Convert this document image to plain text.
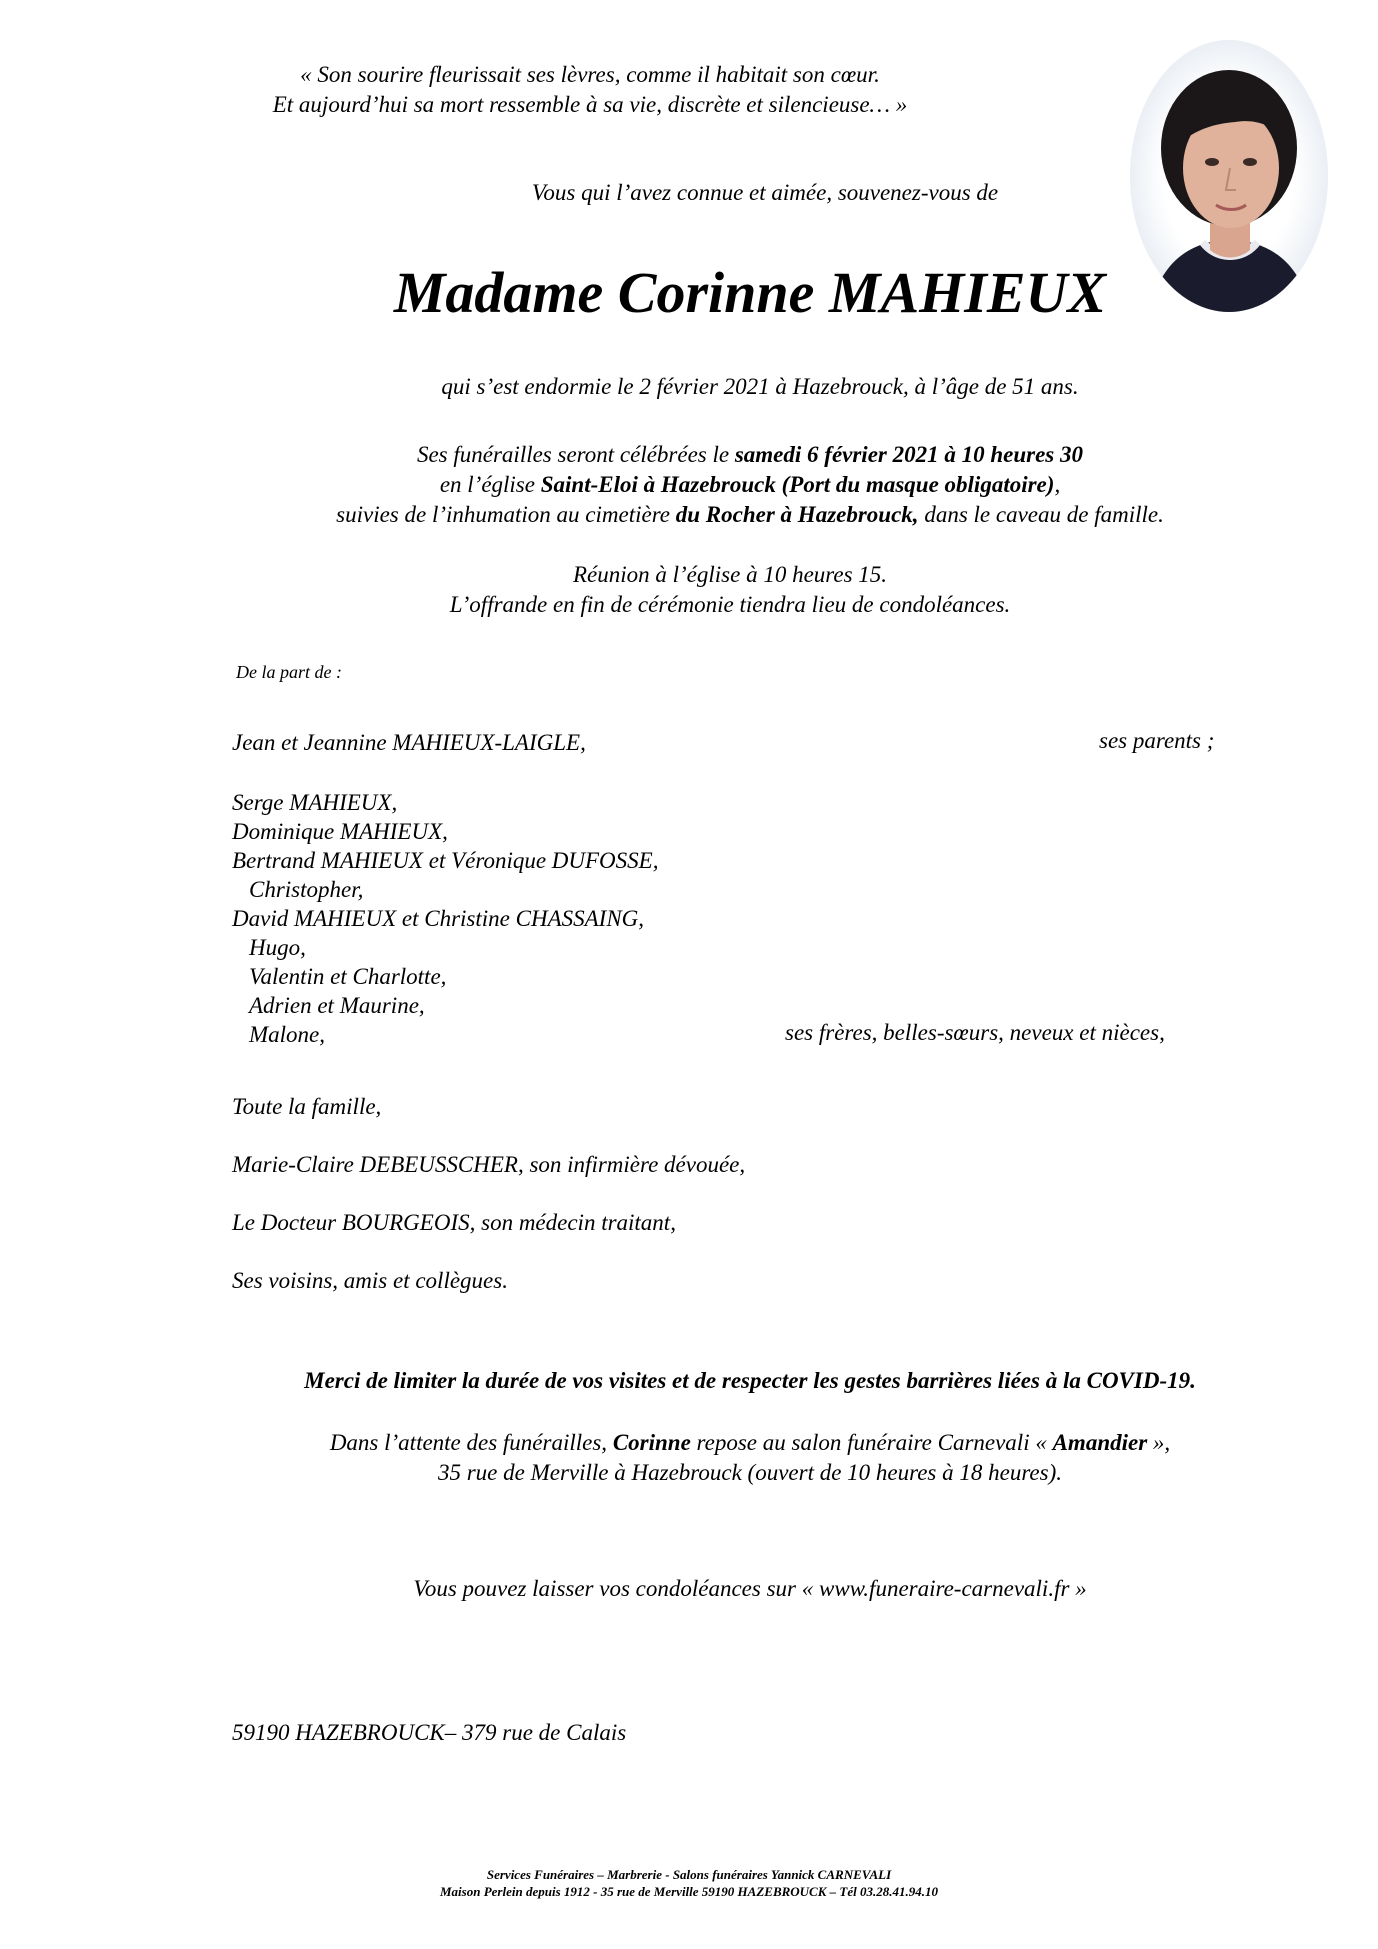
« Son sourire fleurissait ses lèvres, comme il habitait son cœur.
Et aujourd’hui sa mort ressemble à sa vie, discrète et silencieuse… »
Vous qui l’avez connue et aimée, souvenez-vous de
Madame Corinne MAHIEUX
qui s’est endormie le 2 février 2021 à Hazebrouck, à l’âge de 51 ans.
Ses funérailles seront célébrées le samedi 6 février 2021 à 10 heures 30
en l’église Saint-Eloi à Hazebrouck (Port du masque obligatoire),
suivies de l’inhumation au cimetière du Rocher à Hazebrouck, dans le caveau de famille.
Réunion à l’église à 10 heures 15.
L’offrande en fin de cérémonie tiendra lieu de condoléances.
De la part de :
Jean et Jeannine MAHIEUX-LAIGLE,	ses parents ;
Serge MAHIEUX,
Dominique MAHIEUX,
Bertrand MAHIEUX et Véronique DUFOSSE,
Christopher,
David MAHIEUX et Christine CHASSAING,
Hugo,
Valentin et Charlotte,
Adrien et Maurine,
Malone,	ses frères, belles-sœurs, neveux et nièces,
Toute la famille,
Marie-Claire DEBEUSSCHER, son infirmière dévouée,
Le Docteur BOURGEOIS, son médecin traitant,
Ses voisins, amis et collègues.
Merci de limiter la durée de vos visites et de respecter les gestes barrières liées à la COVID-19.
Dans l’attente des funérailles, Corinne repose au salon funéraire Carnevali « Amandier »,
35 rue de Merville à Hazebrouck (ouvert de 10 heures à 18 heures).
Vous pouvez laisser vos condoléances sur « www.funeraire-carnevali.fr »
59190 HAZEBROUCK– 379 rue de Calais
Services Funéraires – Marbrerie - Salons funéraires Yannick CARNEVALI
Maison Perlein depuis 1912 - 35 rue de Merville 59190 HAZEBROUCK – Tél 03.28.41.94.10
